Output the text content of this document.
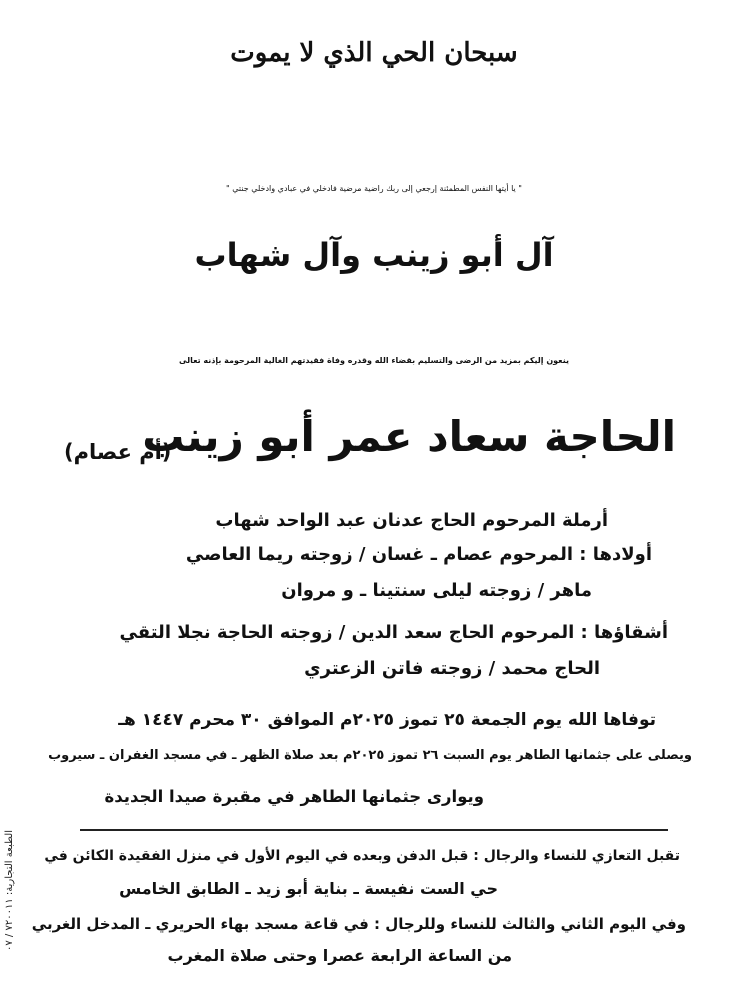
سبحان الحي الذي لا يموت
" يا أيتها النفس المطمئنة إرجعي إلى ربك راضية مرضية فادخلي في عبادي وادخلي جنتي "
آل أبو زينب وآل شهاب
ينعون إليكم بمزيد من الرضى والتسليم بقضاء الله وقدره وفاة فقيدتهم الغالية المرحومة بإذنه تعالى
الحاجة سعاد عمر أبو زينب
(أم عصام)
أرملة المرحوم الحاج عدنان عبد الواحد شهاب
أولادها : المرحوم عصام ـ غسان / زوجته ريما العاصي
ماهر / زوجته ليلى سنتينا ـ و مروان
أشقاؤها : المرحوم الحاج سعد الدين / زوجته الحاجة نجلا التقي
الحاج محمد / زوجته فاتن الزعتري
توفاها الله يوم الجمعة ٢٥ تموز ٢٠٢٥م الموافق ٣٠ محرم ١٤٤٧ هـ
ويصلى على جثمانها الطاهر يوم السبت ٢٦ تموز ٢٠٢٥م بعد صلاة الظهر ـ في مسجد الغفران ـ سيروب
ويوارى جثمانها الطاهر في مقبرة صيدا الجديدة
تقبل التعازي للنساء والرجال : قبل الدفن وبعده في اليوم الأول في منزل الفقيدة الكائن في
حي الست نفيسة ـ بناية أبو زيد ـ الطابق الخامس
وفي اليوم الثاني والثالث للنساء وللرجال : في قاعة مسجد بهاء الحريري ـ المدخل الغربي
من الساعة الرابعة عصرا وحتى صلاة المغرب
الطبعة التجارية: ٧٢٠٠١١ / ٠٧
